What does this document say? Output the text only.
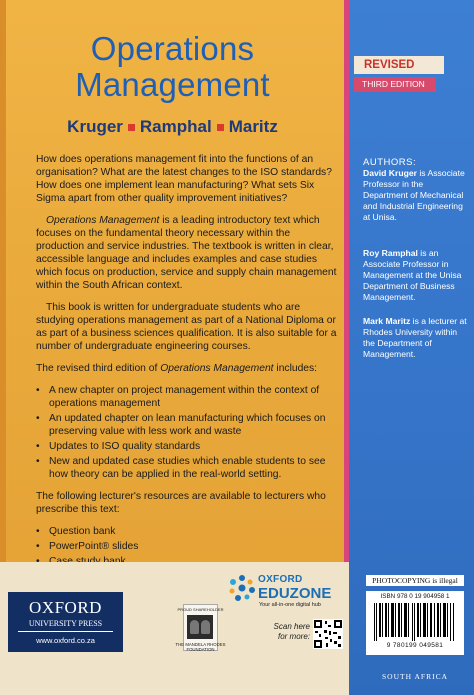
Operations
Management
Kruger Ramphal Maritz

How does operations management fit into the functions of an organisation? What are the latest changes to the ISO standards? How does one implement lean manufacturing? What sets Six Sigma apart from other quality improvement initiatives?

Operations Management is a leading introductory text which focuses on the fundamental theory necessary within the production and service industries. The textbook is written in clear, accessible language and includes examples and case studies which focus on production, service and supply chain management within the South African context.

This book is written for undergraduate students who are studying operations management as part of a National Diploma or as part of a business sciences qualification. It is also suitable for a number of undergraduate engineering courses.

The revised third edition of Operations Management includes:

• A new chapter on project management within the context of operations management
• An updated chapter on lean manufacturing which focuses on preserving value with less work and waste
• Updates to ISO quality standards
• New and updated case studies which enable students to see how theory can be applied in the real-world setting.

The following lecturer's resources are available to lecturers who prescribe this text:

• Question bank
• PowerPoint® slides
•
•
REVISED
THIRD EDITION
AUTHORS:
David Kruger is Associate Professor in the Department of Mechanical and Industrial Engineering at Unisa.
Roy Ramphal is an Associate Professor in Management at the Unisa Department of Business Management.
Mark Maritz is a lecturer at Rhodes University within the Department of Management.
OXFORD
UNIVERSITY PRESS
www.oxford.co.za
PROUD SHAREHOLDER
THE MANDELA RHODES FOUNDATION
OXFORD
EDUZONE
Your all-in-one digital hub
Scan here for more:
PHOTOCOPYING is illegal
ISBN 978 0 19 904958 1
9 780199 049581
SOUTH AFRICA
